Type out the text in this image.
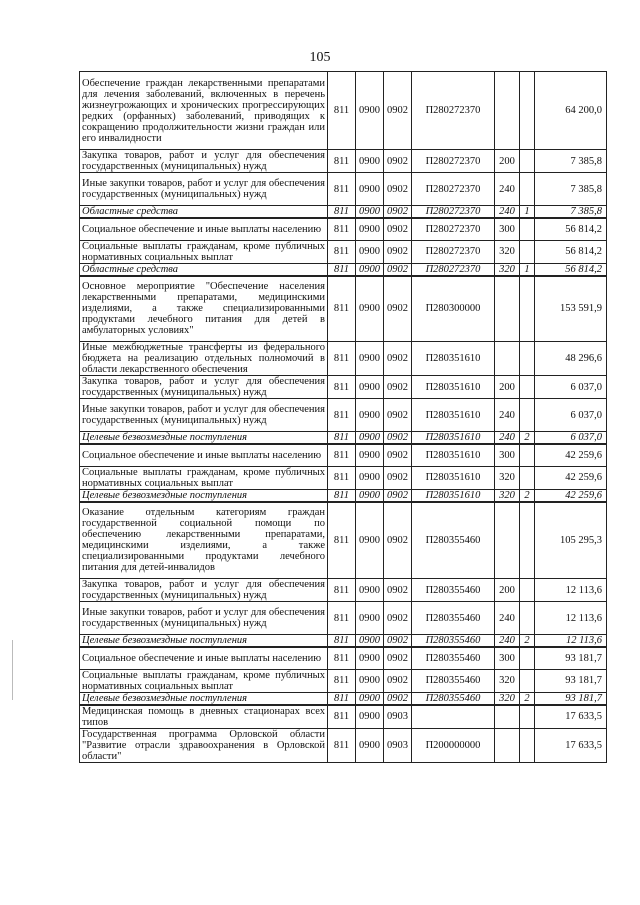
105
Обеспечение граждан лекарственными препаратами для лечения заболеваний, включенных в перечень жизнеугрожающих и хронических прогрессирующих редких (орфанных) заболеваний, приводящих к сокращению продолжительности жизни граждан или его инвалидности	811	0900	0902	П280272370			64 200,0
Закупка товаров, работ и услуг для обеспечения государственных (муниципальных) нужд	811	0900	0902	П280272370	200		7 385,8
Иные закупки товаров, работ и услуг для обеспечения государственных (муниципальных) нужд	811	0900	0902	П280272370	240		7 385,8
Областные средства	811	0900	0902	П280272370	240	1	7 385,8
Социальное обеспечение и иные выплаты населению	811	0900	0902	П280272370	300		56 814,2
Социальные выплаты гражданам, кроме публичных нормативных социальных выплат	811	0900	0902	П280272370	320		56 814,2
Областные средства	811	0900	0902	П280272370	320	1	56 814,2
Основное мероприятие "Обеспечение населения лекарственными препаратами, медицинскими изделиями, а также специализированными продуктами лечебного питания для детей в амбулаторных условиях"	811	0900	0902	П280300000			153 591,9
Иные межбюджетные трансферты из федерального бюджета на реализацию отдельных полномочий в области лекарственного обеспечения	811	0900	0902	П280351610			48 296,6
Закупка товаров, работ и услуг для обеспечения государственных (муниципальных) нужд	811	0900	0902	П280351610	200		6 037,0
Иные закупки товаров, работ и услуг для обеспечения государственных (муниципальных) нужд	811	0900	0902	П280351610	240		6 037,0
Целевые безвозмездные поступления	811	0900	0902	П280351610	240	2	6 037,0
Социальное обеспечение и иные выплаты населению	811	0900	0902	П280351610	300		42 259,6
Социальные выплаты гражданам, кроме публичных нормативных социальных выплат	811	0900	0902	П280351610	320		42 259,6
Целевые безвозмездные поступления	811	0900	0902	П280351610	320	2	42 259,6
Оказание отдельным категориям граждан государственной социальной помощи по обеспечению лекарственными препаратами, медицинскими изделиями, а также специализированными продуктами лечебного питания для детей-инвалидов	811	0900	0902	П280355460			105 295,3
Закупка товаров, работ и услуг для обеспечения государственных (муниципальных) нужд	811	0900	0902	П280355460	200		12 113,6
Иные закупки товаров, работ и услуг для обеспечения государственных (муниципальных) нужд	811	0900	0902	П280355460	240		12 113,6
Целевые безвозмездные поступления	811	0900	0902	П280355460	240	2	12 113,6
Социальное обеспечение и иные выплаты населению	811	0900	0902	П280355460	300		93 181,7
Социальные выплаты гражданам, кроме публичных нормативных социальных выплат	811	0900	0902	П280355460	320		93 181,7
Целевые безвозмездные поступления	811	0900	0902	П280355460	320	2	93 181,7
Медицинская помощь в дневных стационарах всех типов	811	0900	0903				17 633,5
Государственная программа Орловской области "Развитие отрасли здравоохранения в Орловской области"	811	0900	0903	П200000000			17 633,5
